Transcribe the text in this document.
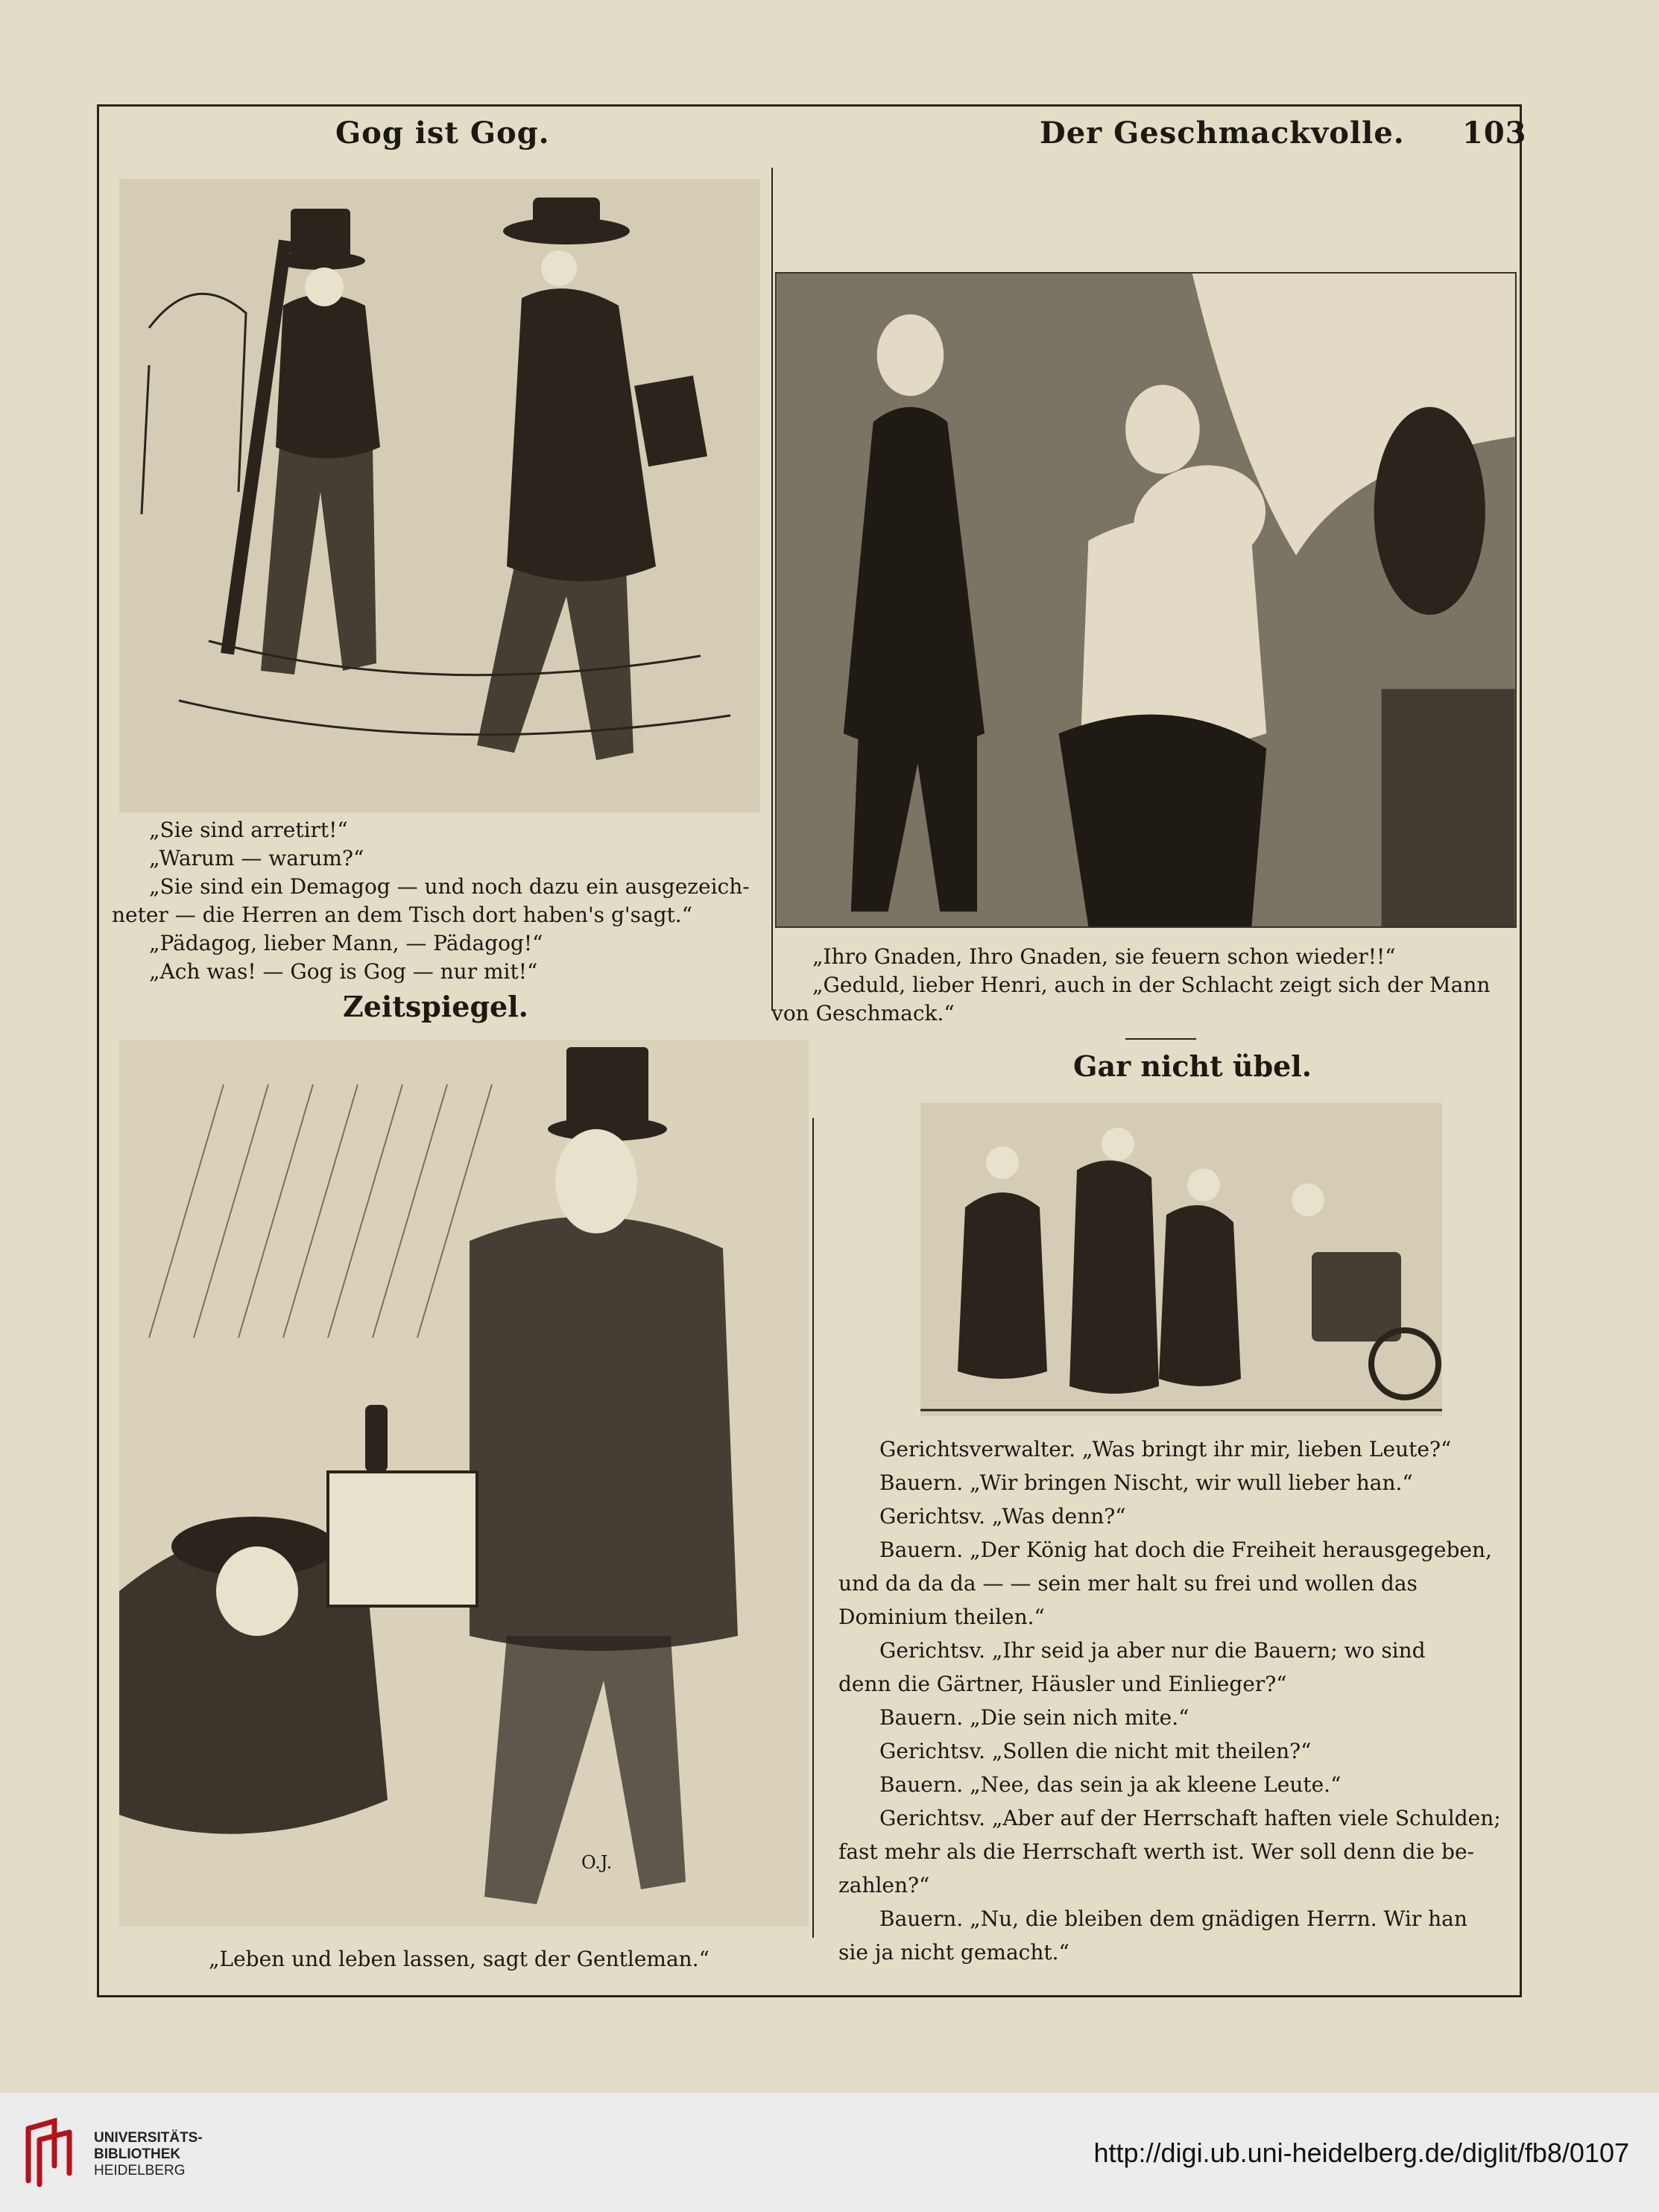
Gog ist Gog.	Der Geschmackvolle. 103

„Sie sind arretirt!“

„Warum — warum?“

„Sie sind ein Demagog — und noch dazu ein ausgezeich-

neter — die Herren an dem Tisch dort haben's g'sagt.“

„Pädagog, lieber Mann, — Pädagog!“

„Ach was! — Gog is Gog — nur mit!“

„Ihro Gnaden, Ihro Gnaden, sie feuern schon wieder!!“

„Geduld, lieber Henri, auch in der Schlacht zeigt sich der Mann

von Geschmack.“

Zeitspiegel.
O.J.
„Leben und leben lassen, sagt der Gentleman.“
Gar nicht übel.

Gerichtsverwalter. „Was bringt ihr mir, lieben Leute?“

Bauern. „Wir bringen Nischt, wir wull lieber han.“

Gerichtsv. „Was denn?“

Bauern. „Der König hat doch die Freiheit herausgegeben,

und da da da — — sein mer halt su frei und wollen das

Dominium theilen.“

Gerichtsv. „Ihr seid ja aber nur die Bauern; wo sind

denn die Gärtner, Häusler und Einlieger?“

Bauern. „Die sein nich mite.“

Gerichtsv. „Sollen die nicht mit theilen?“

Bauern. „Nee, das sein ja ak kleene Leute.“

Gerichtsv. „Aber auf der Herrschaft haften viele Schulden;

fast mehr als die Herrschaft werth ist. Wer soll denn die be-

zahlen?“

Bauern. „Nu, die bleiben dem gnädigen Herrn. Wir han

sie ja nicht gemacht.“

UNIVERSITÄTS-

BIBLIOTHEK

HEIDELBERG

http://digi.ub.uni-heidelberg.de/diglit/fb8/0107
